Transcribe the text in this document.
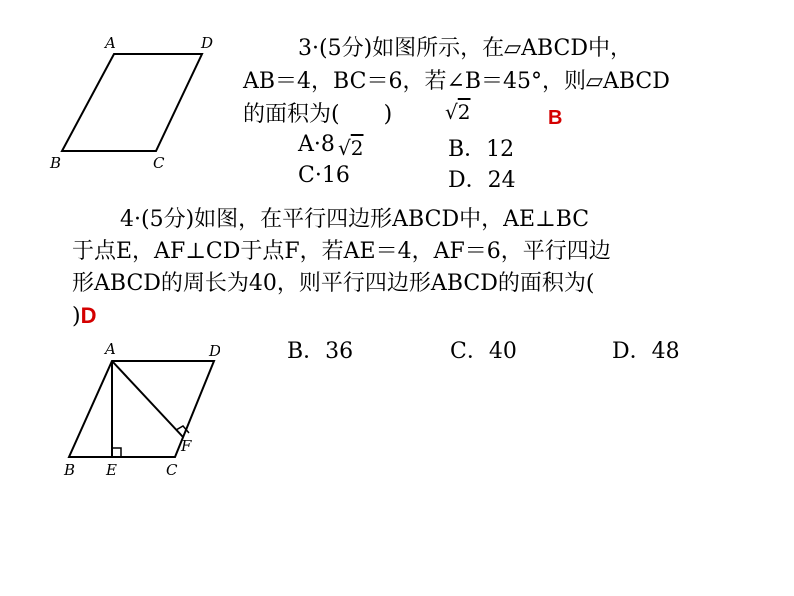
A	D
B	C
3·(5分)如图所示，在▱ABCD中，
AB＝4，BC＝6，若∠B＝45°，则▱ABCD
的面积为(　　)	√2	B
A·8 √2	B．12
C·16	D．24
4·(5分)如图，在平行四边形ABCD中，AE⊥BC
于点E，AF⊥CD于点F，若AE＝4，AF＝6，平行四边
形ABCD的周长为40，则平行四边形ABCD的面积为(
)D
A	D
B E	C
F
B．36	C．40	D．48
